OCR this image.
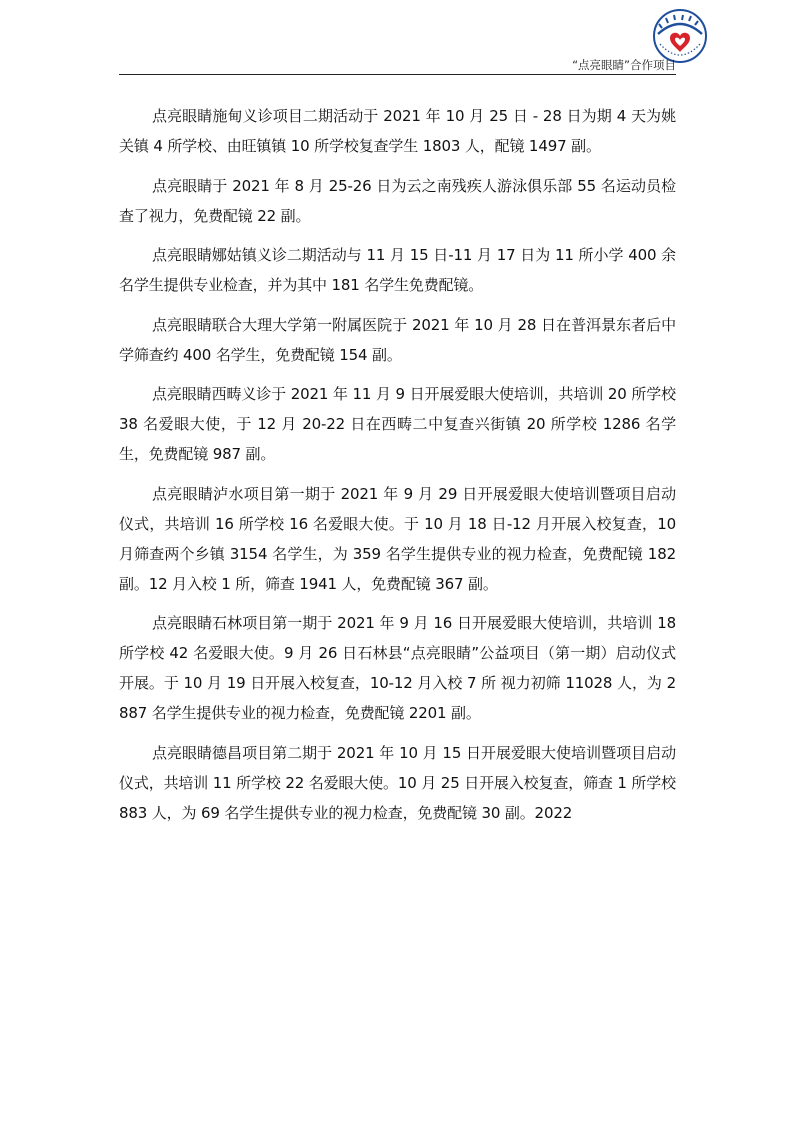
“点亮眼睛”合作项目

点亮眼睛施甸义诊项目二期活动于 2021 年 10 月 25 日 - 28 日为期 4 天为姚关镇 4 所学校、由旺镇镇 10 所学校复查学生 1803 人，配镜 1497 副。

点亮眼睛于 2021 年 8 月 25-26 日为云之南残疾人游泳俱乐部 55 名运动员检查了视力，免费配镜 22 副。

点亮眼睛娜姑镇义诊二期活动与 11 月 15 日-11 月 17 日为 11 所小学 400 余名学生提供专业检查，并为其中 181 名学生免费配镜。

点亮眼睛联合大理大学第一附属医院于 2021 年 10 月 28 日在普洱景东者后中学筛查约 400 名学生，免费配镜 154 副。

点亮眼睛西畴义诊于 2021 年 11 月 9 日开展爱眼大使培训，共培训 20 所学校 38 名爱眼大使，于 12 月 20-22 日在西畴二中复查兴街镇 20 所学校 1286 名学生，免费配镜 987 副。

点亮眼睛泸水项目第一期于 2021 年 9 月 29 日开展爱眼大使培训暨项目启动仪式，共培训 16 所学校 16 名爱眼大使。于 10 月 18 日-12 月开展入校复查，10 月筛查两个乡镇 3154 名学生，为 359 名学生提供专业的视力检查，免费配镜 182 副。12 月入校 1 所，筛查 1941 人，免费配镜 367 副。

点亮眼睛石林项目第一期于 2021 年 9 月 16 日开展爱眼大使培训，共培训 18 所学校 42 名爱眼大使。9 月 26 日石林县“点亮眼睛”公益项目（第一期）启动仪式开展。于 10 月 19 日开展入校复查，10-12 月入校 7 所 视力初筛 11028 人，为 2887 名学生提供专业的视力检查，免费配镜 2201 副。

点亮眼睛德昌项目第二期于 2021 年 10 月 15 日开展爱眼大使培训暨项目启动仪式，共培训 11 所学校 22 名爱眼大使。10 月 25 日开展入校复查，筛查 1 所学校 883 人，为 69 名学生提供专业的视力检查，免费配镜 30 副。2022
